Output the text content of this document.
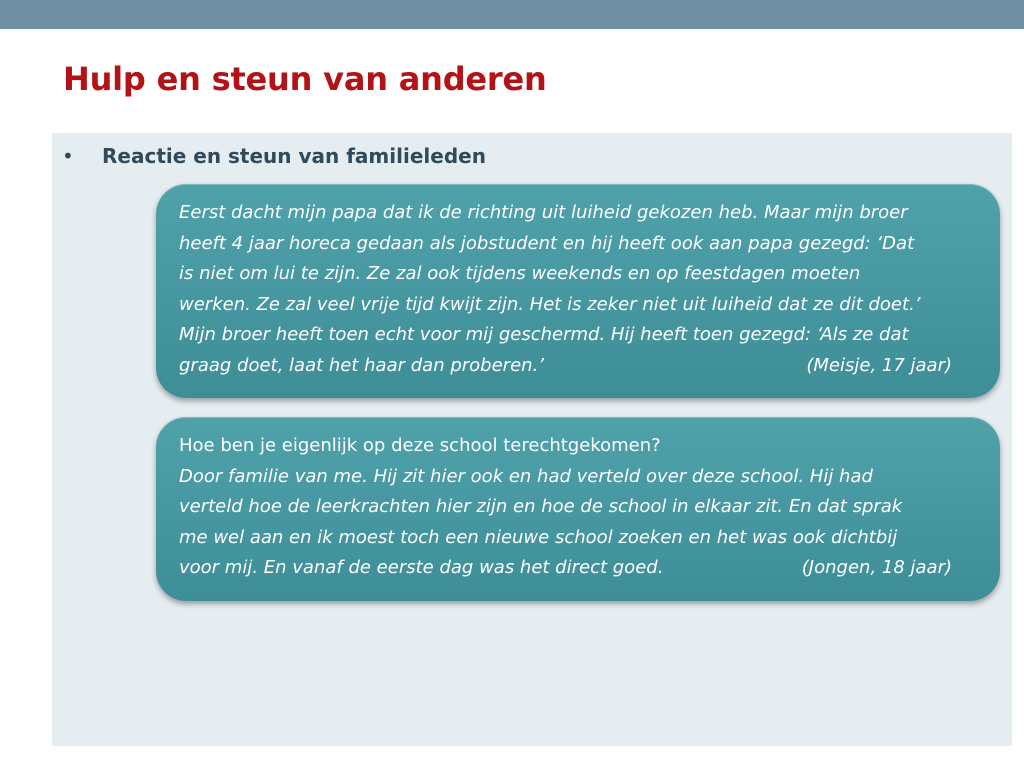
Hulp en steun van anderen
• Reactie en steun van familieleden
Eerst dacht mijn papa dat ik de richting uit luiheid gekozen heb. Maar mijn broer
heeft 4 jaar horeca gedaan als jobstudent en hij heeft ook aan papa gezegd: ‘Dat
is niet om lui te zijn. Ze zal ook tijdens weekends en op feestdagen moeten
werken. Ze zal veel vrije tijd kwijt zijn. Het is zeker niet uit luiheid dat ze dit doet.’
Mijn broer heeft toen echt voor mij geschermd. Hij heeft toen gezegd: ‘Als ze dat
graag doet, laat het haar dan proberen.’	(Meisje, 17 jaar)
Hoe ben je eigenlijk op deze school terechtgekomen?
Door familie van me. Hij zit hier ook en had verteld over deze school. Hij had
verteld hoe de leerkrachten hier zijn en hoe de school in elkaar zit. En dat sprak
me wel aan en ik moest toch een nieuwe school zoeken en het was ook dichtbij
voor mij. En vanaf de eerste dag was het direct goed.	(Jongen, 18 jaar)
